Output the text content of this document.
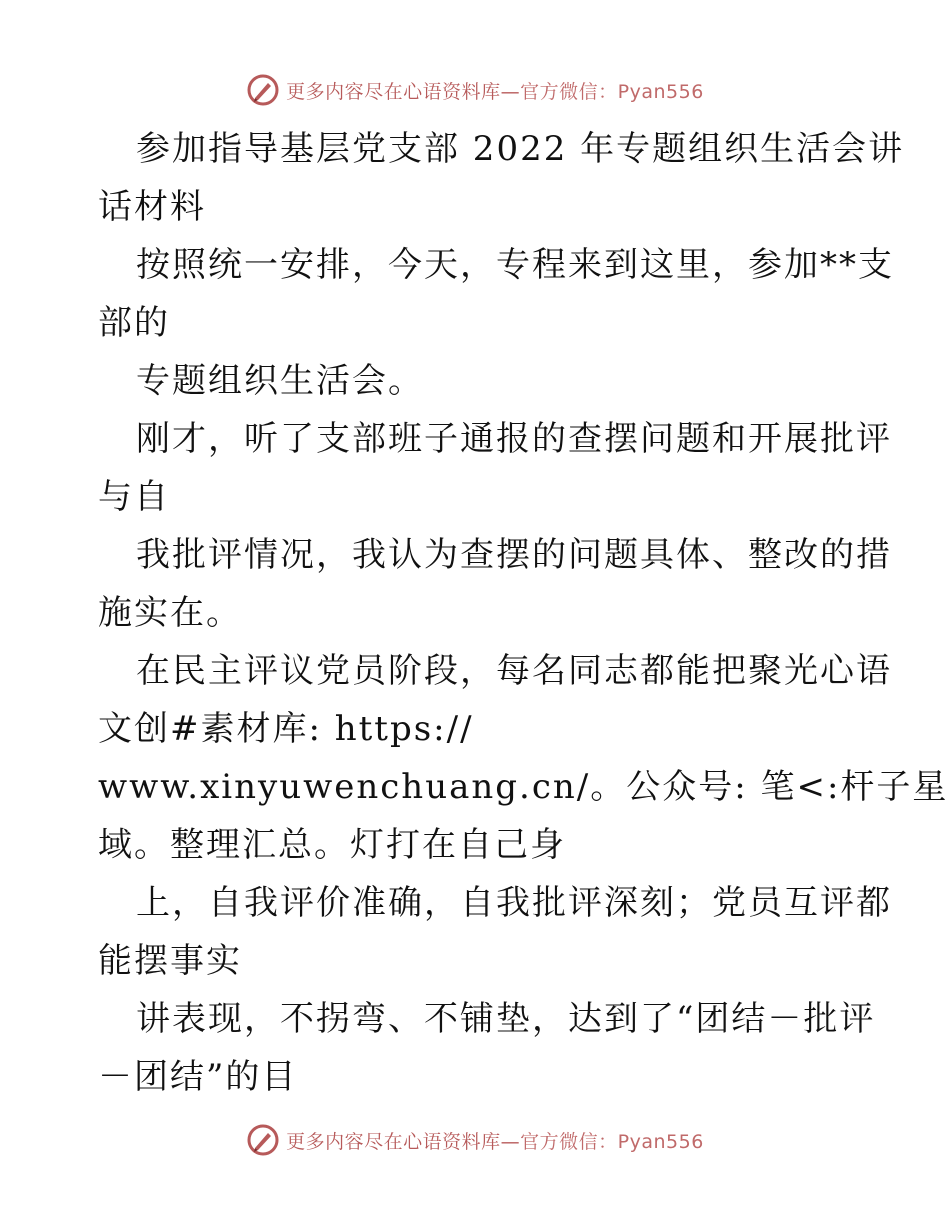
更多内容尽在心语资料库—官方微信：Pyan556
参加指导基层党支部 2022 年专题组织生活会讲
话材料
按照统一安排，今天，专程来到这里，参加**支
部的
专题组织生活会。
刚才，听了支部班子通报的查摆问题和开展批评
与自
我批评情况，我认为查摆的问题具体、整改的措
施实在。
在民主评议党员阶段，每名同志都能把聚光心语
文创#素材库: https://
www.xinyuwenchuang.cn/。公众号: 笔<:杆子星
域。整理汇总。灯打在自己身
上，自我评价准确，自我批评深刻；党员互评都
能摆事实
讲表现，不拐弯、不铺垫，达到了“团结－批评
－团结”的目
更多内容尽在心语资料库—官方微信：Pyan556
